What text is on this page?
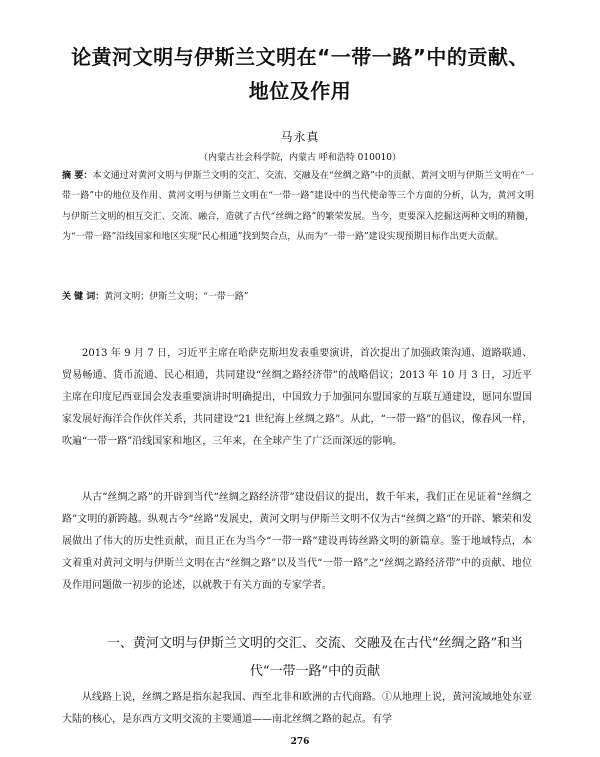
论黄河文明与伊斯兰文明在“一带一路”中的贡献、地位及作用
马永真
（内蒙古社会科学院，内蒙古 呼和浩特 010010）
摘 要：本文通过对黄河文明与伊斯兰文明的交汇、交流、交融及在“丝绸之路”中的贡献、黄河文明与伊斯兰文明在“一带一路”中的地位及作用、黄河文明与伊斯兰文明在“一带一路”建设中的当代使命等三个方面的分析，认为，黄河文明与伊斯兰文明的相互交汇、交流、融合，造就了古代“丝绸之路”的繁荣发展。当今，更要深入挖掘这两种文明的精髓，为“一带一路”沿线国家和地区实现“民心相通”找到契合点，从而为“一带一路”建设实现预期目标作出更大贡献。
关 键 词：黄河文明；伊斯兰文明；“一带一路”

2013 年 9 月 7 日，习近平主席在哈萨克斯坦发表重要演讲，首次提出了加强政策沟通、道路联通、贸易畅通、货币流通、民心相通，共同建设“丝绸之路经济带”的战略倡议；2013 年 10 月 3 日，习近平主席在印度尼西亚国会发表重要演讲时明确提出，中国致力于加强同东盟国家的互联互通建设，愿同东盟国家发展好海洋合作伙伴关系，共同建设“21 世纪海上丝绸之路”。从此，“一带一路”的倡议，像春风一样，吹遍“一带一路”沿线国家和地区，三年来，在全球产生了广泛而深远的影响。

从古“丝绸之路”的开辟到当代“丝绸之路经济带”建设倡议的提出，数千年来，我们正在见证着“丝绸之路”文明的新跨越。纵观古今“丝路”发展史，黄河文明与伊斯兰文明不仅为古“丝绸之路”的开辟、繁荣和发展做出了伟大的历史性贡献，而且正在为当今“一带一路”建设再铸丝路文明的新篇章。鉴于地域特点，本文着重对黄河文明与伊斯兰文明在古“丝绸之路”以及当代“一带一路”之“丝绸之路经济带”中的贡献、地位及作用问题做一初步的论述，以就教于有关方面的专家学者。

一、黄河文明与伊斯兰文明的交汇、交流、交融及在古代“丝绸之路”和当代“一带一路”中的贡献

从线路上说，丝绸之路是指东起我国、西至北非和欧洲的古代商路。①从地理上说，黄河流域地处东亚大陆的核心，是东西方文明交流的主要通道——南北丝绸之路的起点。有学

276
